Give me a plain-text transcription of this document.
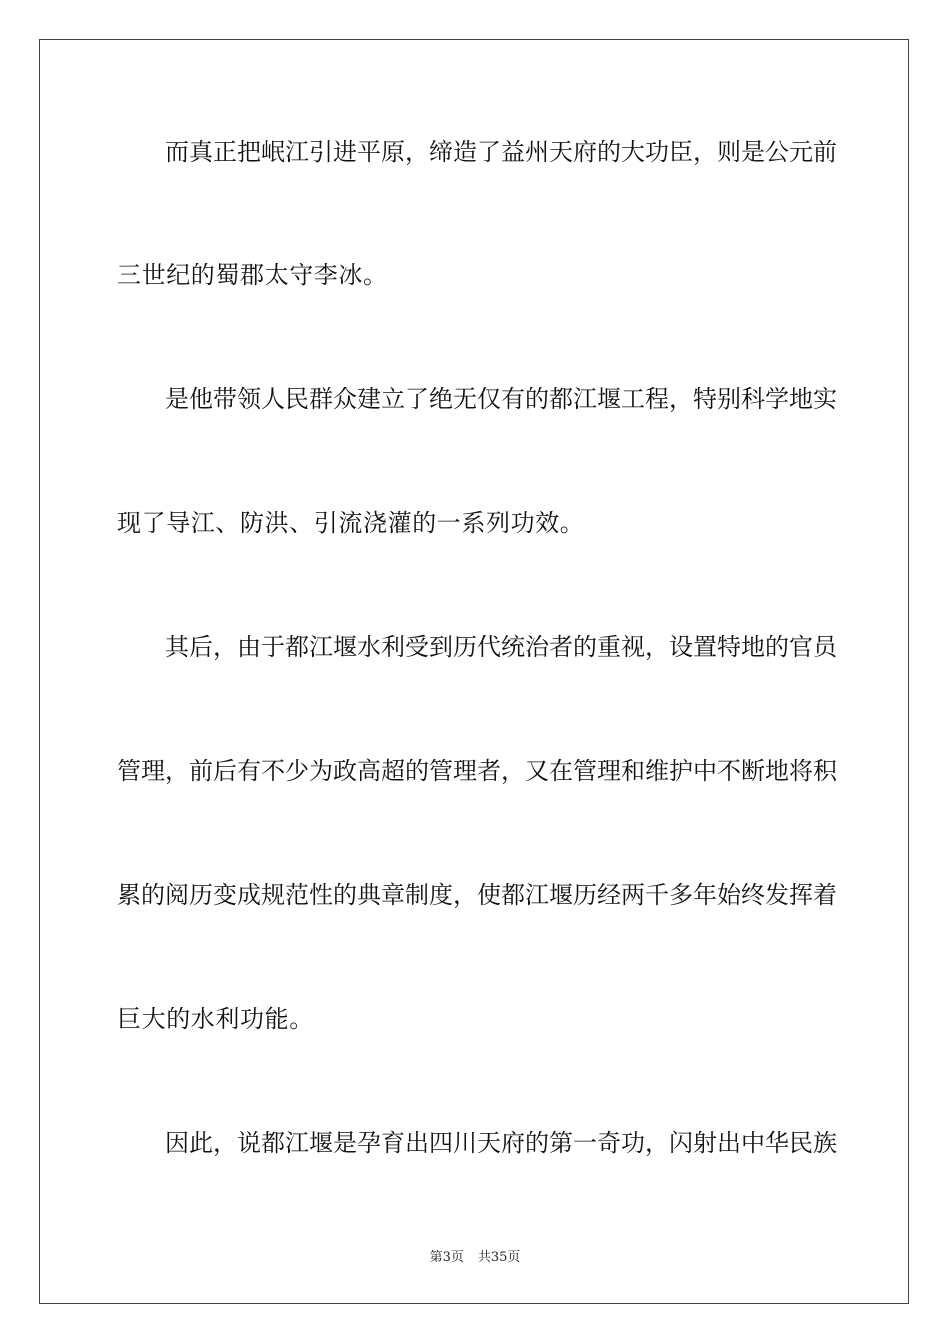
而真正把岷江引进平原，缔造了益州天府的大功臣，则是公元前
三世纪的蜀郡太守李冰。
是他带领人民群众建立了绝无仅有的都江堰工程，特别科学地实
现了导江、防洪、引流浇灌的一系列功效。
其后，由于都江堰水利受到历代统治者的重视，设置特地的官员
管理，前后有不少为政高超的管理者，又在管理和维护中不断地将积
累的阅历变成规范性的典章制度，使都江堰历经两千多年始终发挥着
巨大的水利功能。
因此，说都江堰是孕育出四川天府的第一奇功，闪射出中华民族
第3页 共35页
